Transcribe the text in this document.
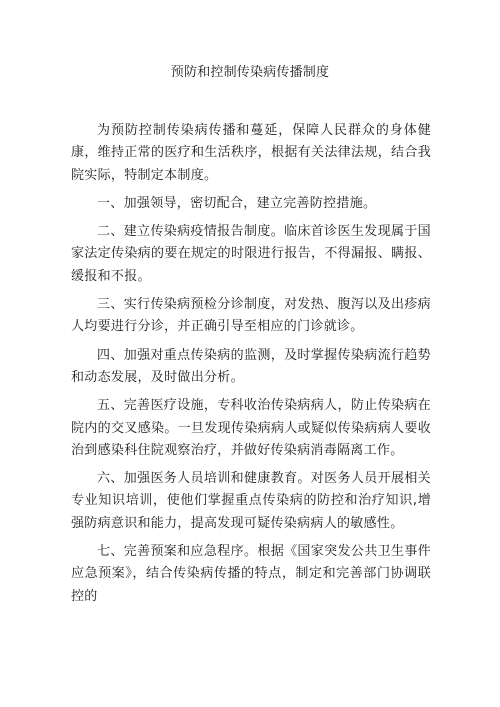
预防和控制传染病传播制度

为预防控制传染病传播和蔓延，保障人民群众的身体健康，维持正常的医疗和生活秩序，根据有关法律法规，结合我院实际，特制定本制度。

一、加强领导，密切配合，建立完善防控措施。

二、建立传染病疫情报告制度。临床首诊医生发现属于国家法定传染病的要在规定的时限进行报告，不得漏报、瞒报、缓报和不报。

三、实行传染病预检分诊制度，对发热、腹泻以及出疹病人均要进行分诊，并正确引导至相应的门诊就诊。

四、加强对重点传染病的监测，及时掌握传染病流行趋势和动态发展，及时做出分析。

五、完善医疗设施，专科收治传染病病人，防止传染病在院内的交叉感染。一旦发现传染病病人或疑似传染病病人要收治到感染科住院观察治疗，并做好传染病消毒隔离工作。

六、加强医务人员培训和健康教育。对医务人员开展相关专业知识培训，使他们掌握重点传染病的防控和治疗知识,增强防病意识和能力，提高发现可疑传染病病人的敏感性。

七、完善预案和应急程序。根据《国家突发公共卫生事件应急预案》，结合传染病传播的特点，制定和完善部门协调联控的
